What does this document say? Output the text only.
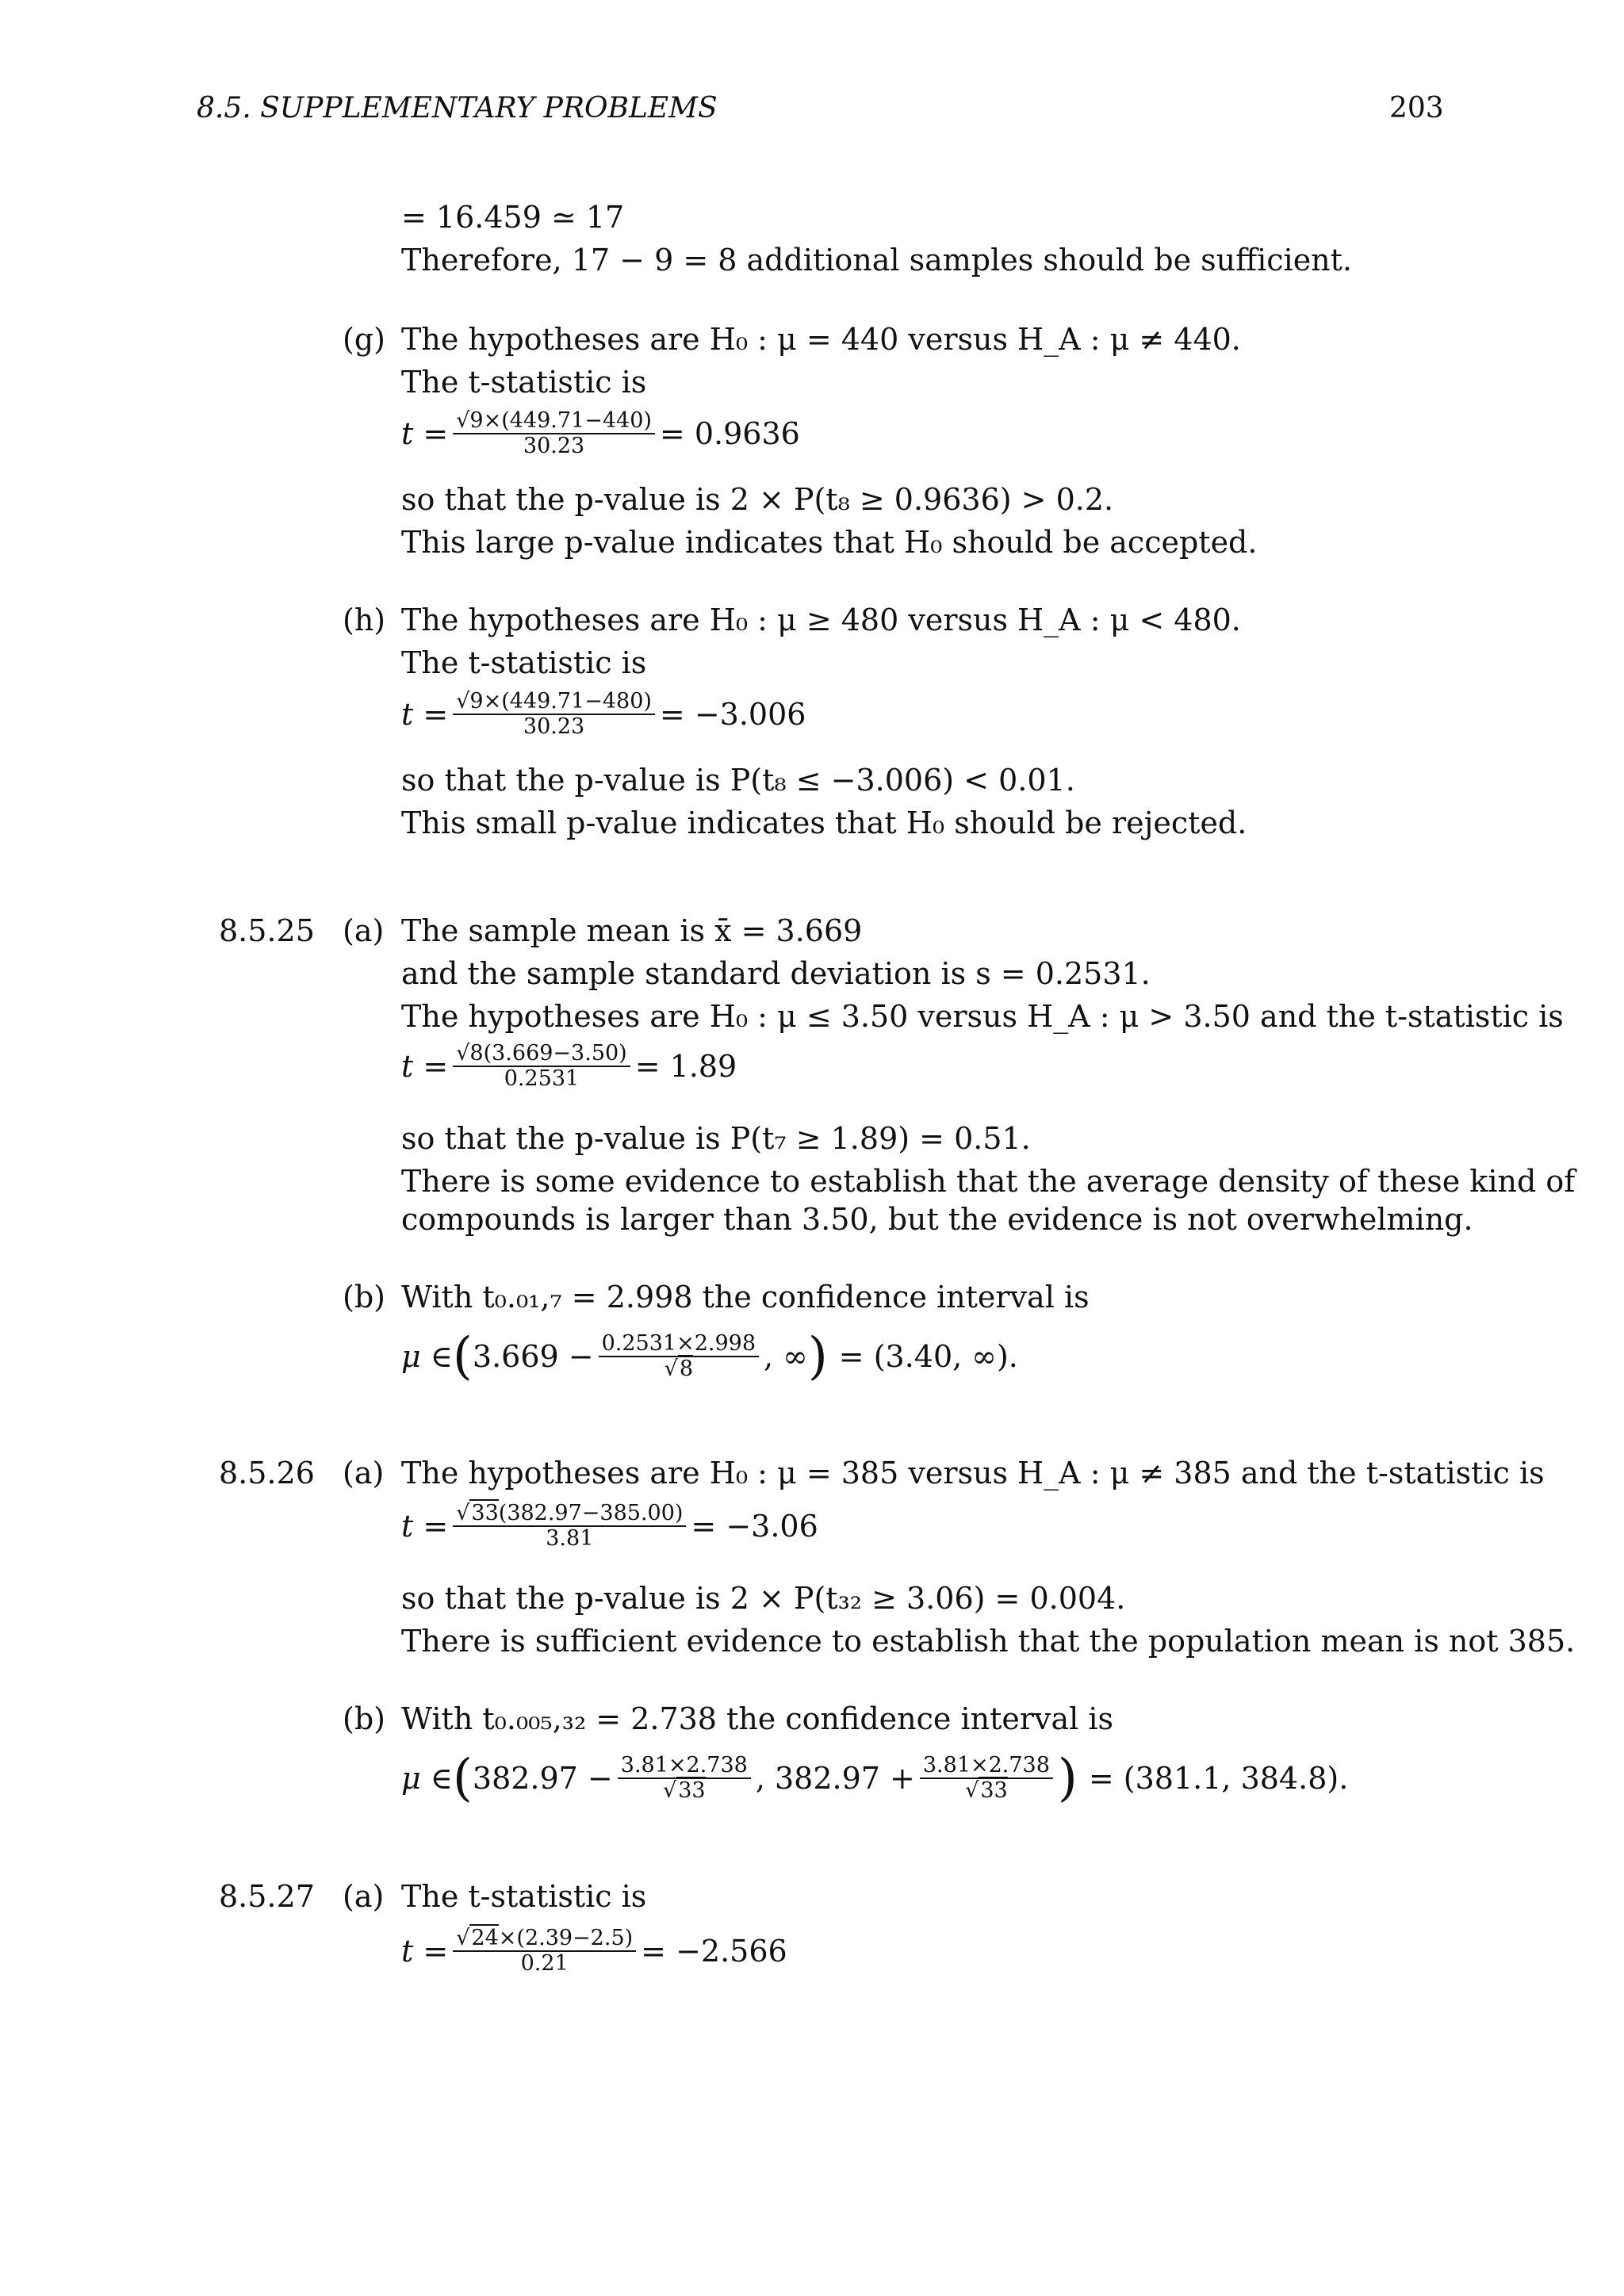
8.5. SUPPLEMENTARY PROBLEMS	203
= 16.459 ≃ 17
Therefore, 17 − 9 = 8 additional samples should be sufficient.
(g) The hypotheses are H₀ : μ = 440 versus H_A : μ ≠ 440.
The t-statistic is
$t = \frac{√9\times(449.71-440)}{30.23} = 0.9636$
so that the p-value is 2 × P(t₈ ≥ 0.9636) > 0.2.
This large p-value indicates that H₀ should be accepted.
(h) The hypotheses are H₀ : μ ≥ 480 versus H_A : μ < 480.
The t-statistic is
$t = \frac{√9\times(449.71-480)}{30.23} = -3.006$
so that the p-value is P(t₈ ≤ −3.006) < 0.01.
This small p-value indicates that H₀ should be rejected.
8.5.25 (a) The sample mean is x̄ = 3.669
and the sample standard deviation is s = 0.2531.
The hypotheses are H₀ : μ ≤ 3.50 versus H_A : μ > 3.50 and the t-statistic is
$t = \frac{√8(3.669-3.50)}{0.2531} = 1.89$
so that the p-value is P(t₇ ≥ 1.89) = 0.51.
There is some evidence to establish that the average density of these kind of
compounds is larger than 3.50, but the evidence is not overwhelming.
(b) With t₀.₀₁,₇ = 2.998 the confidence interval is
μ ∈ ( $3.669 - \frac{0.2531\times 2.998}{√8}$ , ∞ ) = (3.40, ∞).
8.5.26 (a) The hypotheses are H₀ : μ = 385 versus H_A : μ ≠ 385 and the t-statistic is
$t = \frac{√33(382.97-385.00)}{3.81} = -3.06$
so that the p-value is 2 × P(t₃₂ ≥ 3.06) = 0.004.
There is sufficient evidence to establish that the population mean is not 385.
(b) With t₀.₀₀₅,₃₂ = 2.738 the confidence interval is
μ ∈ ( $382.97 - \frac{3.81\times 2.738}{√33}$ , $382.97 + \frac{3.81\times 2.738}{√33}$ ) = (381.1, 384.8).
8.5.27 (a) The t-statistic is
$t = \frac{√24\times(2.39-2.5)}{0.21} = -2.566$
